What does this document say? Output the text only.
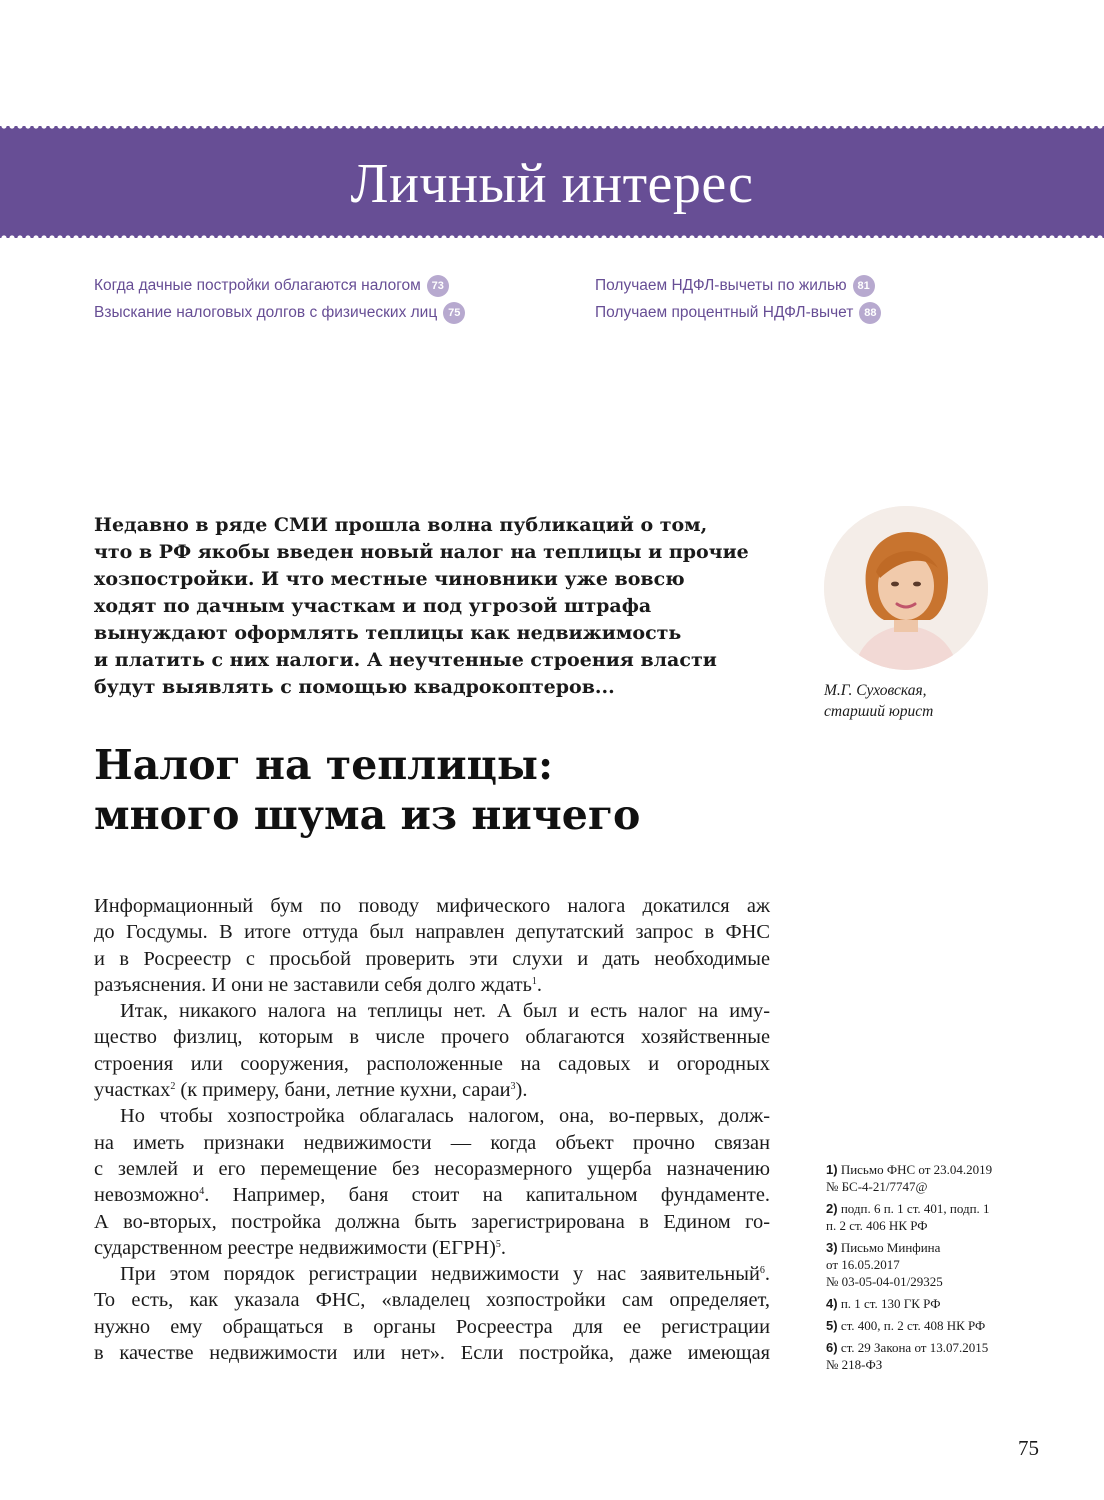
Личный интерес
Когда дачные постройки облагаются налогом 73
Взыскание налоговых долгов с физических лиц 75
Получаем НДФЛ-вычеты по жилью 81
Получаем процентный НДФЛ-вычет 88
Недавно в ряде СМИ прошла волна публикаций о том,
что в РФ якобы введен новый налог на теплицы и прочие
хозпостройки. И что местные чиновники уже вовсю
ходят по дачным участкам и под угрозой штрафа
вынуждают оформлять теплицы как недвижимость
и платить с них налоги. А неучтенные строения власти
будут выявлять с помощью квадрокоптеров...	М.Г. Суховская,
старший юрист
Налог на теплицы:
много шума из ничего
Информационный бум по поводу мифического налога докатился аж
до Госдумы. В итоге оттуда был направлен депутатский запрос в ФНС
и в Росреестр с просьбой проверить эти слухи и дать необходимые
разъяснения. И они не заставили себя долго ждать$^1$.
Итак, никакого налога на теплицы нет. А был и есть налог на иму-
щество физлиц, которым в числе прочего облагаются хозяйственные
строения или сооружения, расположенные на садовых и огородных
участках$^2$ (к примеру, бани, летние кухни, сараи$^3$).
Но чтобы хозпостройка облагалась налогом, она, во-первых, долж-
на иметь признаки недвижимости — когда объект прочно связан
с землей и его перемещение без несоразмерного ущерба назначению
невозможно$^4$. Например, баня стоит на капитальном фундаменте.
А во-вторых, постройка должна быть зарегистрирована в Едином го-
сударственном реестре недвижимости (ЕГРН)$^5$.
При этом порядок регистрации недвижимости у нас заявительный$^6$.
То есть, как указала ФНС, «владелец хозпостройки сам определяет,
нужно ему обращаться в органы Росреестра для ее регистрации
в качестве недвижимости или нет». Если постройка, даже имеющая
1) Письмо ФНС от 23.04.2019
№ БС-4-21/7747@
2) подп. 6 п. 1 ст. 401, подп. 1
п. 2 ст. 406 НК РФ
3) Письмо Минфина
от 16.05.2017
№ 03-05-04-01/29325
4) п. 1 ст. 130 ГК РФ
5) ст. 400, п. 2 ст. 408 НК РФ
6) ст. 29 Закона от 13.07.2015
№ 218-ФЗ
75
